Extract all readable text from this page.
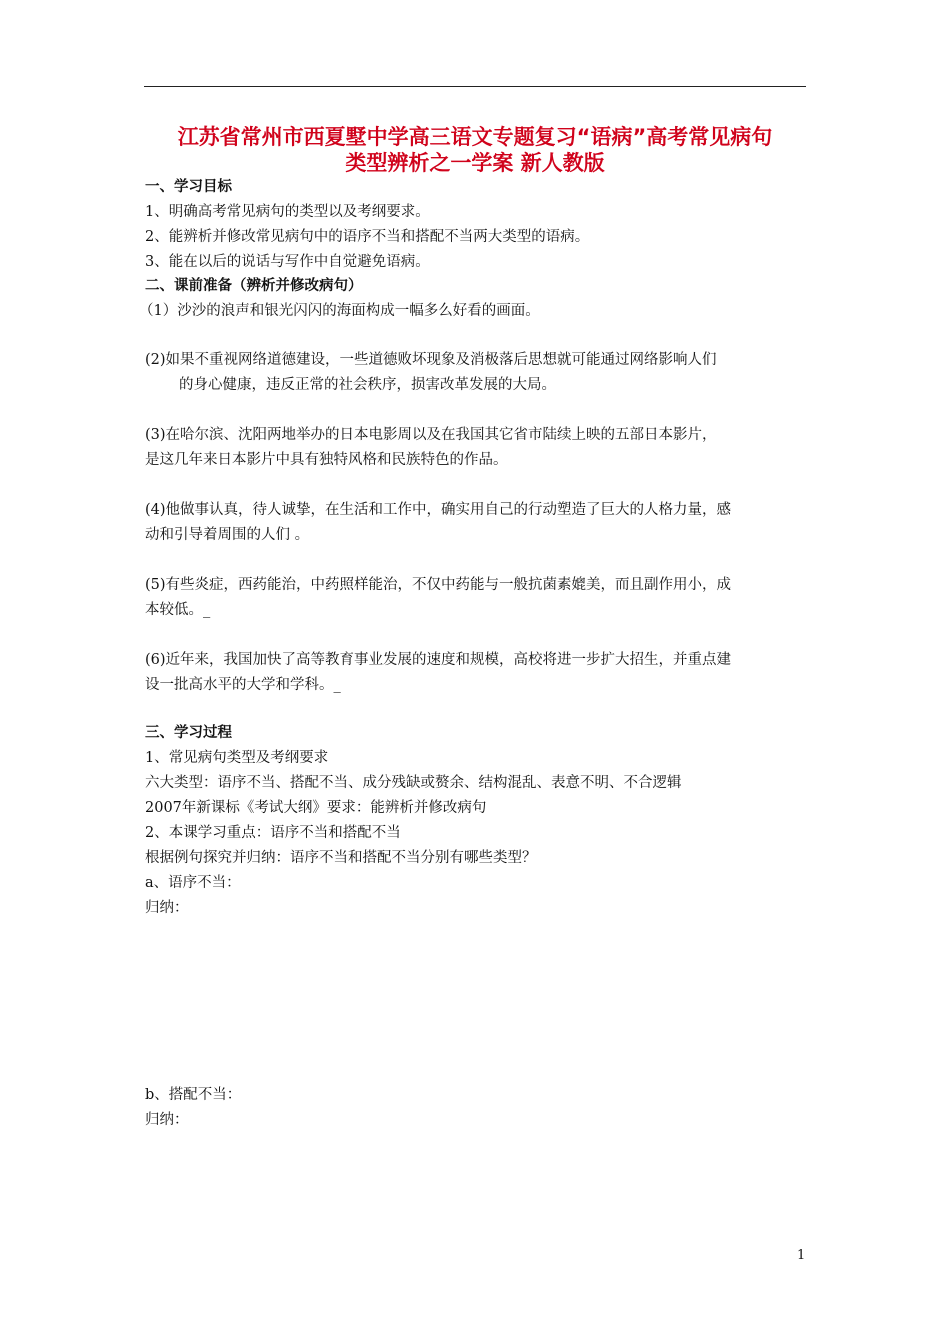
江苏省常州市西夏墅中学高三语文专题复习“语病”高考常见病句
类型辨析之一学案 新人教版
一、学习目标
1、明确高考常见病句的类型以及考纲要求。
2、能辨析并修改常见病句中的语序不当和搭配不当两大类型的语病。
3、能在以后的说话与写作中自觉避免语病。
二、课前准备（辨析并修改病句）
（1）沙沙的浪声和银光闪闪的海面构成一幅多么好看的画面。
(2)如果不重视网络道德建设，一些道德败坏现象及消极落后思想就可能通过网络影响人们
的身心健康，违反正常的社会秩序，损害改革发展的大局。
(3)在哈尔滨、沈阳两地举办的日本电影周以及在我国其它省市陆续上映的五部日本影片，
是这几年来日本影片中具有独特风格和民族特色的作品。
(4)他做事认真，待人诚挚，在生活和工作中，确实用自己的行动塑造了巨大的人格力量，感
动和引导着周围的人们 。
(5)有些炎症，西药能治，中药照样能治，不仅中药能与一般抗菌素媲美，而且副作用小，成
本较低。_
(6)近年来，我国加快了高等教育事业发展的速度和规模，高校将进一步扩大招生，并重点建
设一批高水平的大学和学科。_
三、学习过程
1、常见病句类型及考纲要求
六大类型：语序不当、搭配不当、成分残缺或赘余、结构混乱、表意不明、不合逻辑
2007年新课标《考试大纲》要求：能辨析并修改病句
2、本课学习重点：语序不当和搭配不当
根据例句探究并归纳：语序不当和搭配不当分别有哪些类型？
a、语序不当：
归纳：
b、搭配不当：
归纳：
1
